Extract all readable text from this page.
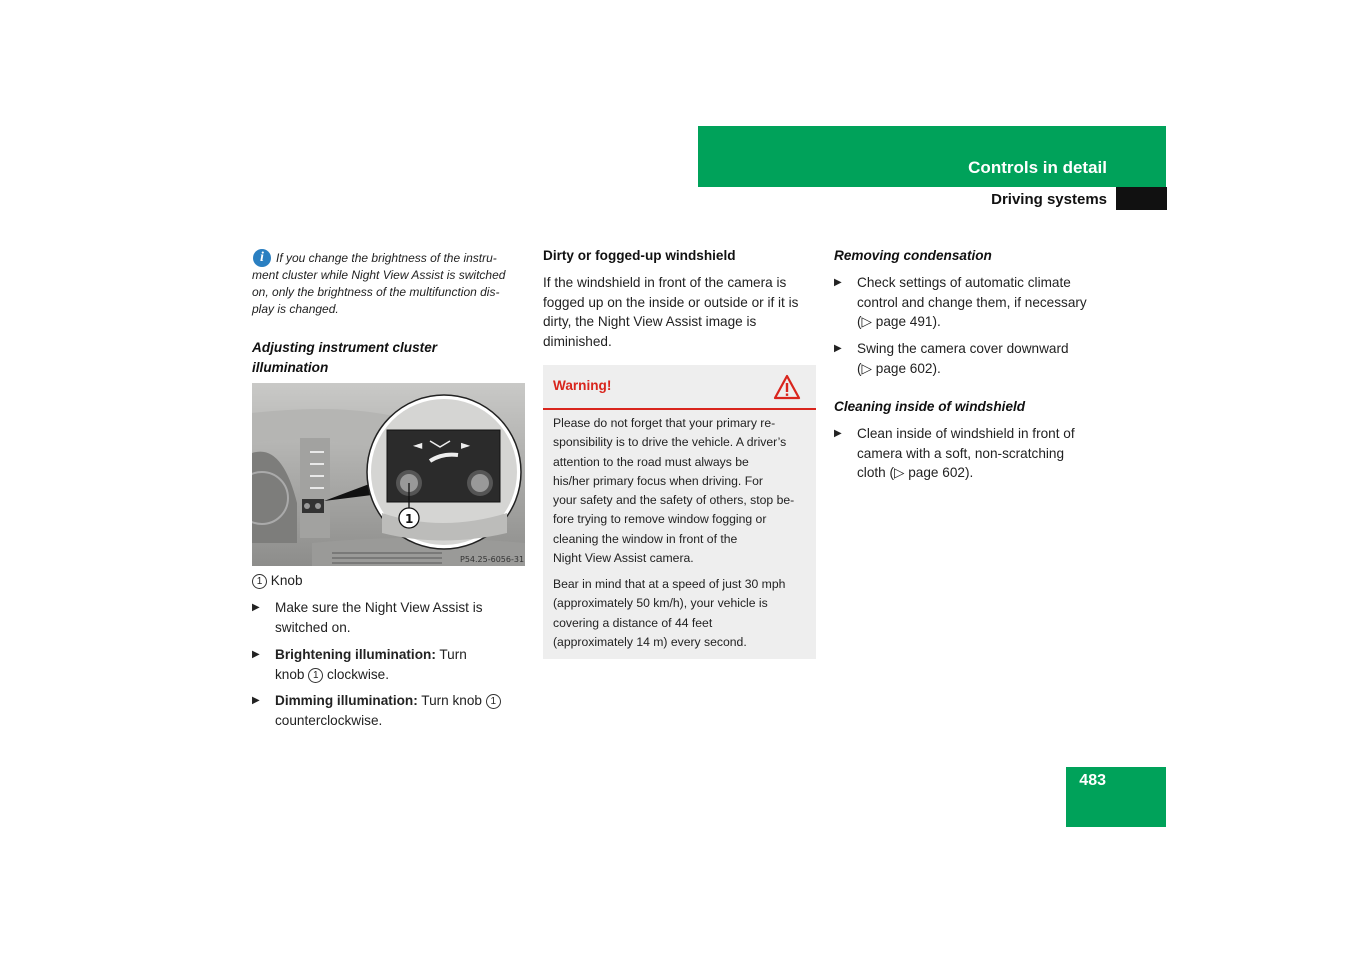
Controls in detail
Driving systems
i	If you change the brightness of the instru-
ment cluster while Night View Assist is switched
on, only the brightness of the multifunction dis-
play is changed.
Adjusting instrument cluster
illumination
◄	►
1
P54.25-6056-31
1 Knob
▶ Make sure the Night View Assist is
switched on.
▶ Brightening illumination: Turn
knob 1 clockwise.
▶ Dimming illumination: Turn knob 1
counterclockwise.
Dirty or fogged-up windshield
If the windshield in front of the camera is
fogged up on the inside or outside or if it is
dirty, the Night View Assist image is
diminished.
Warning!
Please do not forget that your primary re-
sponsibility is to drive the vehicle. A driver’s
attention to the road must always be
his/her primary focus when driving. For
your safety and the safety of others, stop be-
fore trying to remove window fogging or
cleaning the window in front of the
Night View Assist camera.
Bear in mind that at a speed of just 30 mph
(approximately 50 km/h), your vehicle is
covering a distance of 44 feet
(approximately 14 m) every second.
Removing condensation
▶ Check settings of automatic climate
control and change them, if necessary
(▷ page 491).
▶ Swing the camera cover downward
(▷ page 602).
Cleaning inside of windshield
▶ Clean inside of windshield in front of
camera with a soft, non-scratching
cloth (▷ page 602).
483
